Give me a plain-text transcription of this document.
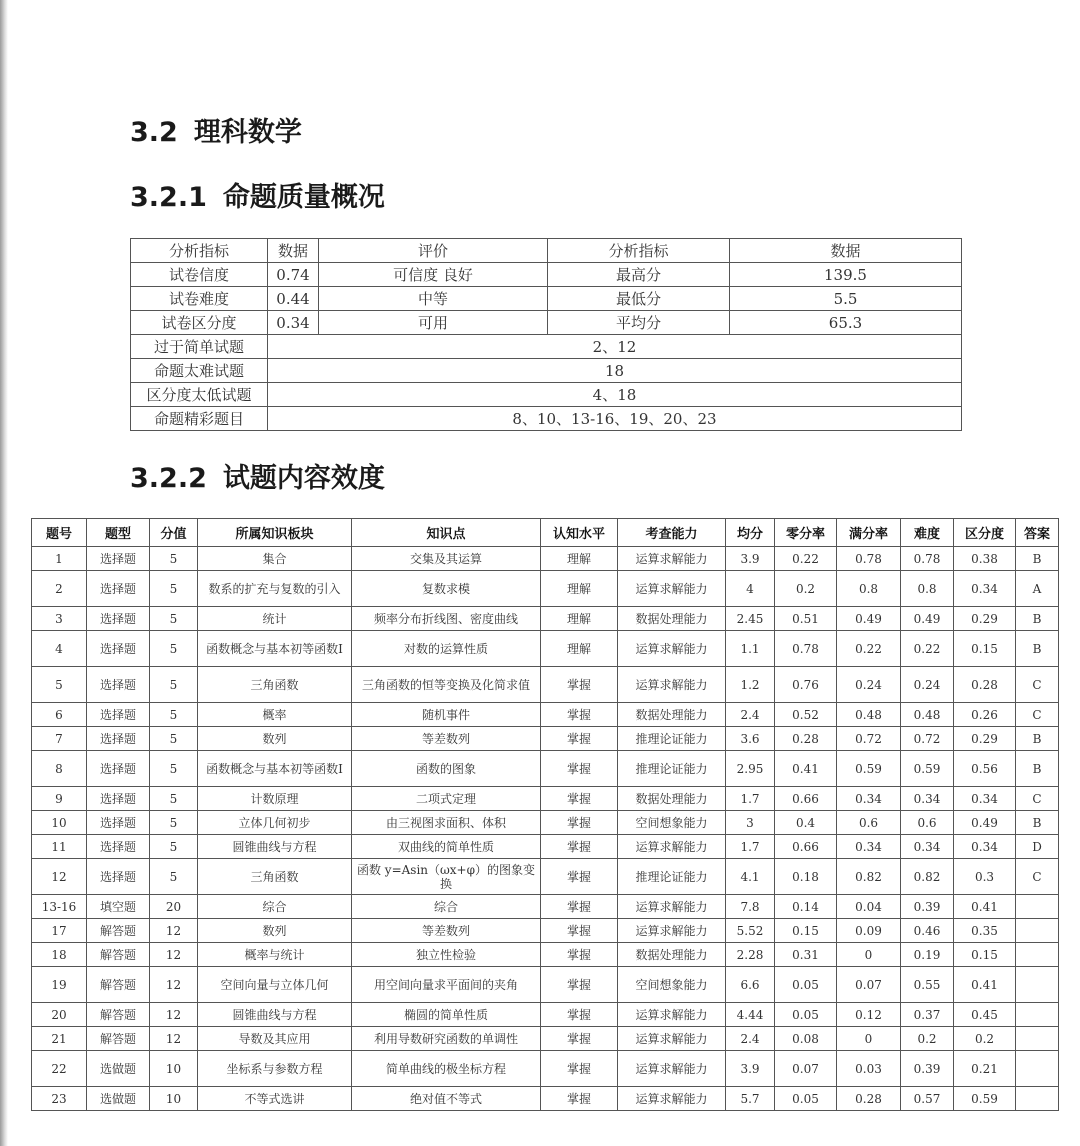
3.2 理科数学
3.2.1 命题质量概况
分析指标	数据	评价	分析指标	数据
试卷信度	0.74	可信度 良好	最高分	139.5
试卷难度	0.44	中等	最低分	5.5
试卷区分度	0.34	可用	平均分	65.3
过于简单试题	2、12			
命题太难试题	18			
区分度太低试题	4、18			
命题精彩题目	8、10、13-16、19、20、23			
3.2.2 试题内容效度
题号	题型	分值	所属知识板块	知识点	认知水平	考查能力	均分	零分率	满分率	难度	区分度	答案
1	选择题	5	集合	交集及其运算	理解	运算求解能力	3.9	0.22	0.78	0.78	0.38	B
2	选择题	5	数系的扩充与复数的引入	复数求模	理解	运算求解能力	4	0.2	0.8	0.8	0.34	A
3	选择题	5	统计	频率分布折线图、密度曲线	理解	数据处理能力	2.45	0.51	0.49	0.49	0.29	B
4	选择题	5	函数概念与基本初等函数Ⅰ	对数的运算性质	理解	运算求解能力	1.1	0.78	0.22	0.22	0.15	B
5	选择题	5	三角函数	三角函数的恒等变换及化简求值	掌握	运算求解能力	1.2	0.76	0.24	0.24	0.28	C
6	选择题	5	概率	随机事件	掌握	数据处理能力	2.4	0.52	0.48	0.48	0.26	C
7	选择题	5	数列	等差数列	掌握	推理论证能力	3.6	0.28	0.72	0.72	0.29	B
8	选择题	5	函数概念与基本初等函数Ⅰ	函数的图象	掌握	推理论证能力	2.95	0.41	0.59	0.59	0.56	B
9	选择题	5	计数原理	二项式定理	掌握	数据处理能力	1.7	0.66	0.34	0.34	0.34	C
10	选择题	5	立体几何初步	由三视图求面积、体积	掌握	空间想象能力	3	0.4	0.6	0.6	0.49	B
11	选择题	5	圆锥曲线与方程	双曲线的简单性质	掌握	运算求解能力	1.7	0.66	0.34	0.34	0.34	D
12	选择题	5	三角函数	函数 y=Asin（ωx+φ）的图象变换	掌握	推理论证能力	4.1	0.18	0.82	0.82	0.3	C
13-16	填空题	20	综合	综合	掌握	运算求解能力	7.8	0.14	0.04	0.39	0.41	
17	解答题	12	数列	等差数列	掌握	运算求解能力	5.52	0.15	0.09	0.46	0.35	
18	解答题	12	概率与统计	独立性检验	掌握	数据处理能力	2.28	0.31	0	0.19	0.15	
19	解答题	12	空间向量与立体几何	用空间向量求平面间的夹角	掌握	空间想象能力	6.6	0.05	0.07	0.55	0.41	
20	解答题	12	圆锥曲线与方程	椭圆的简单性质	掌握	运算求解能力	4.44	0.05	0.12	0.37	0.45	
21	解答题	12	导数及其应用	利用导数研究函数的单调性	掌握	运算求解能力	2.4	0.08	0	0.2	0.2	
22	选做题	10	坐标系与参数方程	简单曲线的极坐标方程	掌握	运算求解能力	3.9	0.07	0.03	0.39	0.21	
23	选做题	10	不等式选讲	绝对值不等式	掌握	运算求解能力	5.7	0.05	0.28	0.57	0.59	
